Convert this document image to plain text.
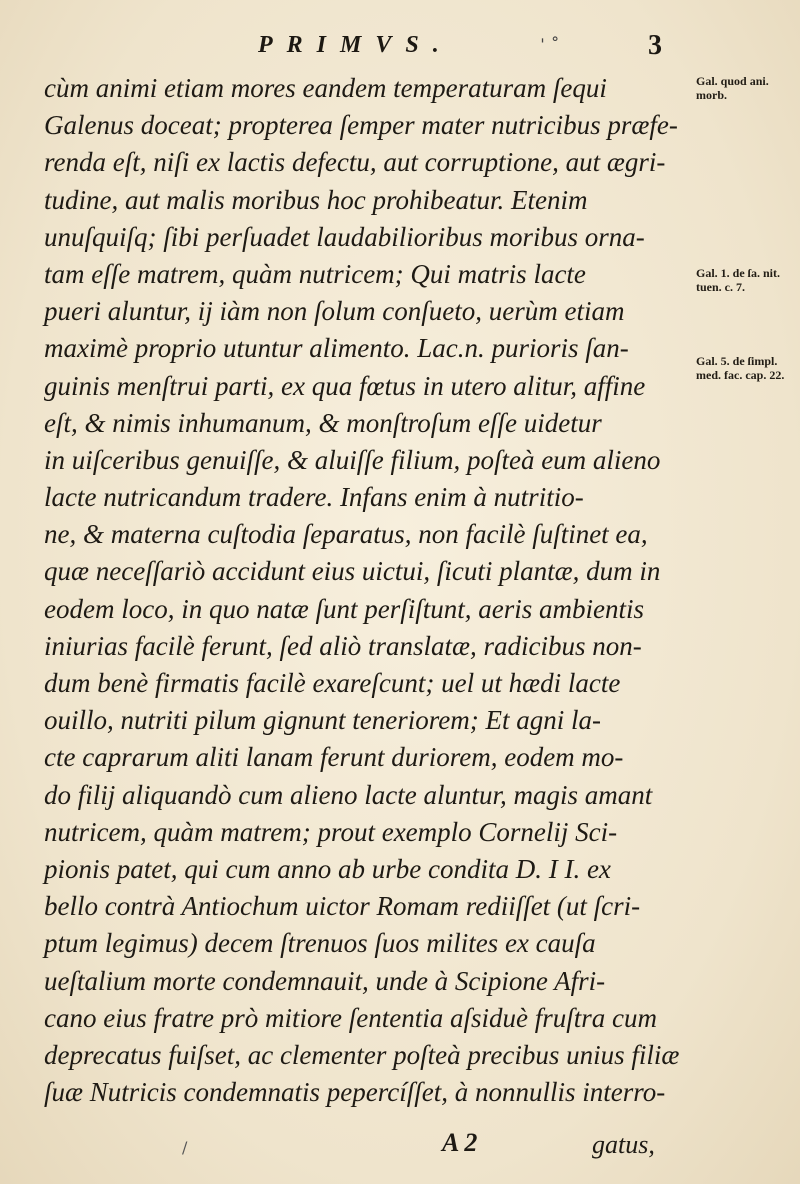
PRIMVS.	ˈ ˚	3
cùm animi etiam mores eandem temperaturam ſequi
Galenus doceat; propterea ſemper mater nutricibus præfe-
renda eſt, niſi ex lactis defectu, aut corruptione, aut ægri-
tudine, aut malis moribus hoc prohibeatur. Etenim
unuſquiſq; ſibi perſuadet laudabilioribus moribus orna-
tam eſſe matrem, quàm nutricem; Qui matris lacte
pueri aluntur, ij iàm non ſolum conſueto, uerùm etiam
maximè proprio utuntur alimento. Lac.n. purioris ſan-
guinis menſtrui parti, ex qua fœtus in utero alitur, affine
eſt, & nimis inhumanum, & monſtroſum eſſe uidetur
in uiſceribus genuiſſe, & aluiſſe filium, poſteà eum alieno
lacte nutricandum tradere. Infans enim à nutritio-
ne, & materna cuſtodia ſeparatus, non facilè ſuſtinet ea,
quæ neceſſariò accidunt eius uictui, ſicuti plantæ, dum in
eodem loco, in quo natæ ſunt perſiſtunt, aeris ambientis
iniurias facilè ferunt, ſed aliò translatæ, radicibus non-
dum benè firmatis facilè exareſcunt; uel ut hædi lacte
ouillo, nutriti pilum gignunt teneriorem; Et agni la-
cte caprarum aliti lanam ferunt duriorem, eodem mo-
do filij aliquandò cum alieno lacte aluntur, magis amant
nutricem, quàm matrem; prout exemplo Cornelij Sci-
pionis patet, qui cum anno ab urbe condita D. I I. ex
bello contrà Antiochum uictor Romam rediiſſet (ut ſcri-
ptum legimus) decem ſtrenuos ſuos milites ex cauſa
ueſtalium morte condemnauit, unde à Scipione Afri-
cano eius fratre prò mitiore ſententia aſsiduè fruſtra cum
deprecatus fuiſset, ac clementer poſteà precibus unius filiæ
ſuæ Nutricis condemnatis pepercíſſet, à nonnullis interro-
Gal. quod ani. morb.
Gal. 1. de ſa. nit. tuen. c. 7.
Gal. 5. de ſimpl. med. fac. cap. 22.
A 2	gatus,
/
